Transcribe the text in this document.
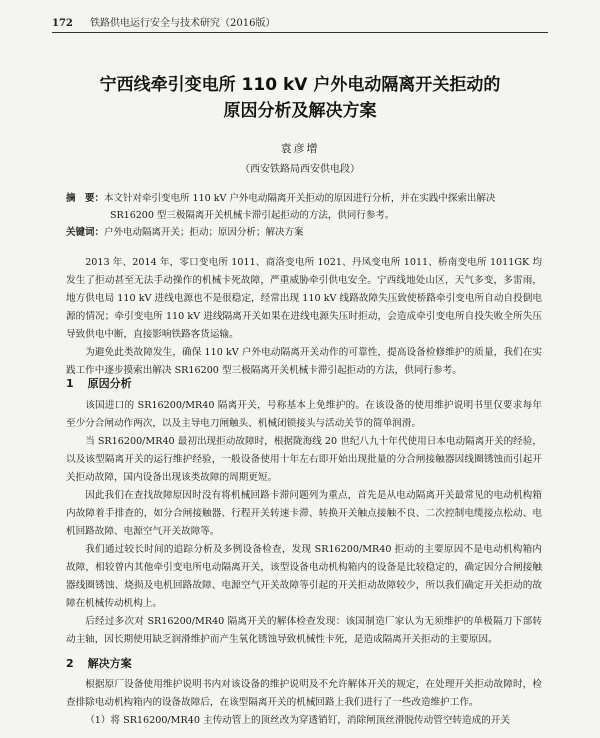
172 铁路供电运行安全与技术研究（2016版）
宁西线牵引变电所 110 kV 户外电动隔离开关拒动的
原因分析及解决方案
袁彦增
（西安铁路局西安供电段）
摘　要：本文针对牵引变电所 110 kV 户外电动隔离开关拒动的原因进行分析，并在实践中探索出解决
SR16200 型三极隔离开关机械卡滞引起拒动的方法，供同行参考。
关键词：户外电动隔离开关；拒动；原因分析；解决方案

2013 年、2014 年，零口变电所 1011、商洛变电所 1021、丹凤变电所 1011、桥南变电所 1011GK 均发生了拒动甚至无法手动操作的机械卡死故障，严重威胁牵引供电安全。宁西线地处山区，天气多变，多雷雨，地方供电局 110 kV 进线电源也不是很稳定，经常出现 110 kV 线路故障失压致使桥路牵引变电所自动自投倒电源的情况；牵引变电所 110 kV 进线隔离开关如果在进线电源失压时拒动，会造成牵引变电所自投失败全所失压导致供电中断，直接影响铁路客货运输。

为避免此类故障发生，确保 110 kV 户外电动隔离开关动作的可靠性，提高设备检修维护的质量，我们在实践工作中逐步摸索出解决 SR16200 型三极隔离开关机械卡滞引起拒动的方法，供同行参考。

1 原因分析

该国进口的 SR16200/MR40 隔离开关，号称基本上免维护的。在该设备的使用维护说明书里仅要求每年至少分合闸动作两次，以及主导电刀闸触头、机械闭锁接头与活动关节的简单润滑。

当 SR16200/MR40 最初出现拒动故障时，根据陇海线 20 世纪八九十年代使用日本电动隔离开关的经验，以及该型隔离开关的运行维护经验，一般设备使用十年左右即开始出现批量的分合闸接触器因线圈锈蚀而引起开关拒动故障，国内设备出现该类故障的周期更短。

因此我们在查找故障原因时没有将机械回路卡滞问题列为重点，首先是从电动隔离开关最常见的电动机构箱内故障着手排查的，如分合闸接触器、行程开关转速卡滞、转换开关触点接触不良、二次控制电缆接点松动、电机回路故障、电源空气开关故障等。

我们通过较长时间的追踪分析及多例设备检查，发现 SR16200/MR40 拒动的主要原因不是电动机构箱内故障，相较曾内其他牵引变电所电动隔离开关，该型设备电动机构箱内的设备是比较稳定的，确定因分合闸接触器线圈锈蚀、烧损及电机回路故障、电源空气开关故障等引起的开关拒动故障较少，所以我们确定开关拒动的故障在机械传动机构上。

后经过多次对 SR16200/MR40 隔离开关的解体检查发现：该国制造厂家认为无须维护的单极隔刀下部转动主轴，因长期使用缺乏润滑维护而产生氧化锈蚀导致机械性卡死，是造成隔离开关拒动的主要原因。

2 解决方案

根据原厂设备使用维护说明书内对该设备的维护说明及不允许解体开关的规定，在处理开关拒动故障时，检查排除电动机构箱内的设备故障后，在该型隔离开关的机械回路上我们进行了一些改造维护工作。

（1）将 SR16200/MR40 主传动管上的顶丝改为穿透销钉，消除闸顶丝滑脱传动管空转造成的开关
